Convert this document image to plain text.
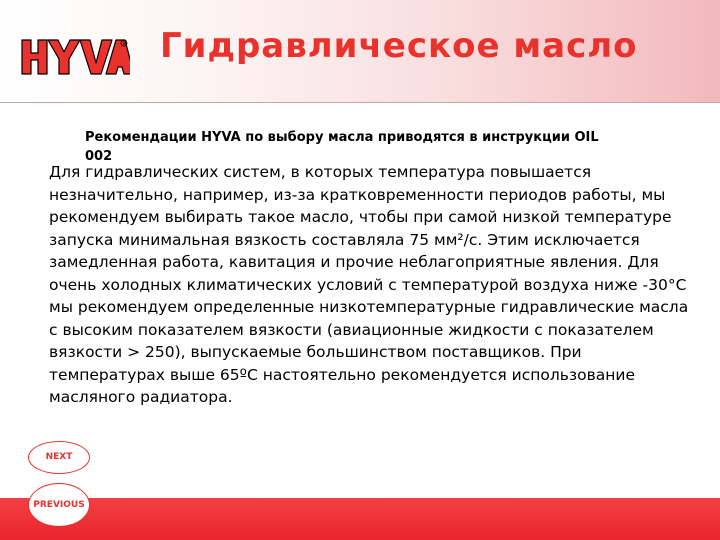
R Гидравлическое масло

Рекомендации HYVA по выбору масла приводятся в инструкции OIL 002

Для гидравлических систем, в которых температура повышается незначительно, например, из-за кратковременности периодов работы, мы рекомендуем выбирать такое масло, чтобы при самой низкой температуре запуска минимальная вязкость составляла 75 мм²/с. Этим исключается замедленная работа, кавитация и прочие неблагоприятные явления. Для очень холодных климатических условий с температурой воздуха ниже -30°С мы рекомендуем определенные низкотемпературные гидравлические масла с высоким показателем вязкости (авиационные жидкости с показателем вязкости > 250), выпускаемые большинством поставщиков. При температурах выше 65ºС настоятельно рекомендуется использование масляного радиатора.

NEXT
PREVIOUS
